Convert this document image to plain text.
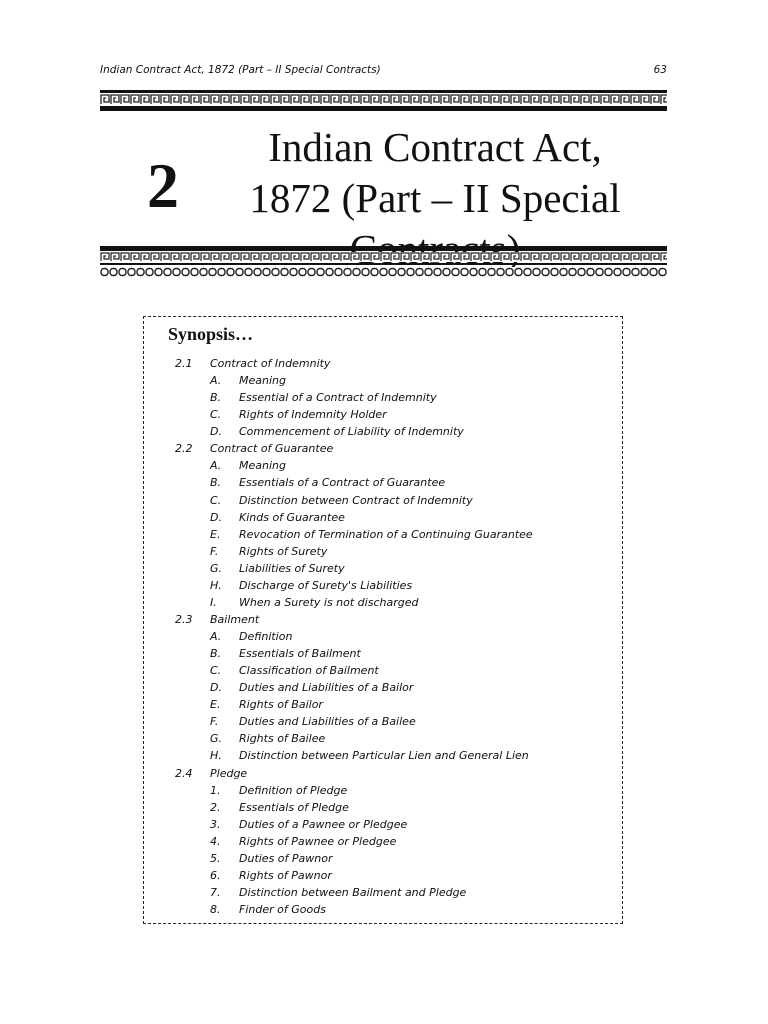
Indian Contract Act, 1872 (Part – II Special Contracts)	63
2
Indian Contract Act, 1872 (Part – II Special
Synopsis…
2.1 Contract of Indemnity
A. Meaning
B. Essential of a Contract of Indemnity
C. Rights of Indemnity Holder
D. Commencement of Liability of Indemnity
2.2 Contract of Guarantee
A. Meaning
B. Essentials of a Contract of Guarantee
C. Distinction between Contract of Indemnity
D. Kinds of Guarantee
E. Revocation of Termination of a Continuing Guarantee
F. Rights of Surety
G. Liabilities of Surety
H. Discharge of Surety's Liabilities
I. When a Surety is not discharged
2.3 Bailment
A. Definition
B. Essentials of Bailment
C. Classification of Bailment
D. Duties and Liabilities of a Bailor
E. Rights of Bailor
F. Duties and Liabilities of a Bailee
G. Rights of Bailee
H. Distinction between Particular Lien and General Lien
2.4 Pledge
1. Definition of Pledge
2. Essentials of Pledge
3. Duties of a Pawnee or Pledgee
4. Rights of Pawnee or Pledgee
5. Duties of Pawnor
6. Rights of Pawnor
7. Distinction between Bailment and Pledge
8. Finder of Goods
